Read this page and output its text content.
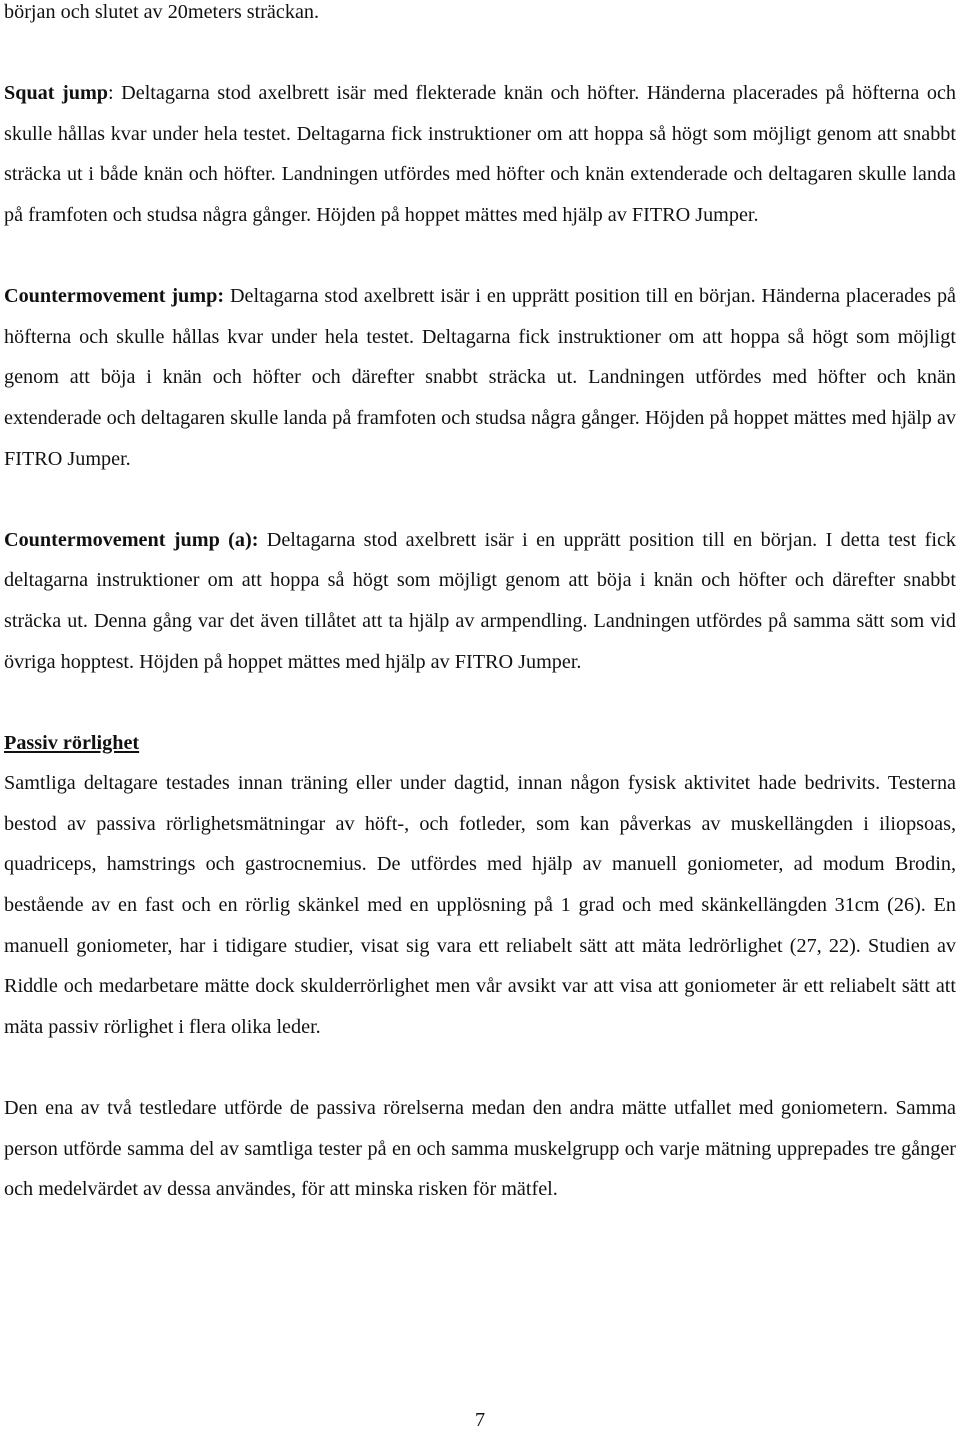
början och slutet av 20meters sträckan.

Squat jump: Deltagarna stod axelbrett isär med flekterade knän och höfter. Händerna placerades på höfterna och skulle hållas kvar under hela testet. Deltagarna fick instruktioner om att hoppa så högt som möjligt genom att snabbt sträcka ut i både knän och höfter. Landningen utfördes med höfter och knän extenderade och deltagaren skulle landa på framfoten och studsa några gånger. Höjden på hoppet mättes med hjälp av FITRO Jumper.

Countermovement jump: Deltagarna stod axelbrett isär i en upprätt position till en början. Händerna placerades på höfterna och skulle hållas kvar under hela testet. Deltagarna fick instruktioner om att hoppa så högt som möjligt genom att böja i knän och höfter och därefter snabbt sträcka ut. Landningen utfördes med höfter och knän extenderade och deltagaren skulle landa på framfoten och studsa några gånger. Höjden på hoppet mättes med hjälp av FITRO Jumper.

Countermovement jump (a): Deltagarna stod axelbrett isär i en upprätt position till en början. I detta test fick deltagarna instruktioner om att hoppa så högt som möjligt genom att böja i knän och höfter och därefter snabbt sträcka ut. Denna gång var det även tillåtet att ta hjälp av armpendling. Landningen utfördes på samma sätt som vid övriga hopptest. Höjden på hoppet mättes med hjälp av FITRO Jumper.

Passiv rörlighet

Samtliga deltagare testades innan träning eller under dagtid, innan någon fysisk aktivitet hade bedrivits. Testerna bestod av passiva rörlighetsmätningar av höft-, och fotleder, som kan påverkas av muskellängden i iliopsoas, quadriceps, hamstrings och gastrocnemius. De utfördes med hjälp av manuell goniometer, ad modum Brodin, bestående av en fast och en rörlig skänkel med en upplösning på 1 grad och med skänkellängden 31cm (26). En manuell goniometer, har i tidigare studier, visat sig vara ett reliabelt sätt att mäta ledrörlighet (27, 22). Studien av Riddle och medarbetare mätte dock skulderrörlighet men vår avsikt var att visa att goniometer är ett reliabelt sätt att mäta passiv rörlighet i flera olika leder.

Den ena av två testledare utförde de passiva rörelserna medan den andra mätte utfallet med goniometern. Samma person utförde samma del av samtliga tester på en och samma muskelgrupp och varje mätning upprepades tre gånger och medelvärdet av dessa användes, för att minska risken för mätfel.

7
